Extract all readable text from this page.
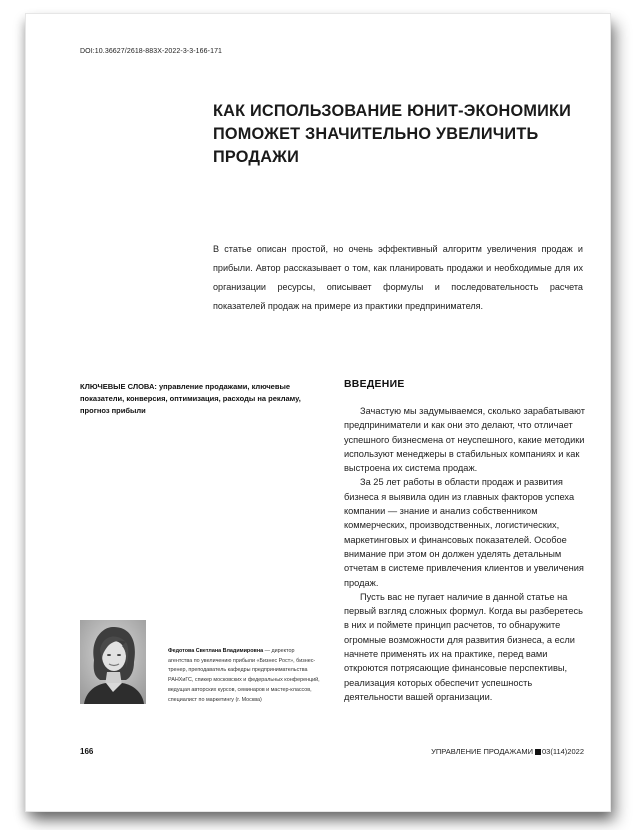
DOI:10.36627/2618-883X-2022-3-3-166-171
КАК ИСПОЛЬЗОВАНИЕ ЮНИТ-ЭКОНОМИКИ ПОМОЖЕТ ЗНАЧИТЕЛЬНО УВЕЛИЧИТЬ ПРОДАЖИ
В статье описан простой, но очень эффективный алгоритм увеличения продаж и прибыли. Автор рассказывает о том, как планировать продажи и необходимые для их организации ресурсы, описывает формулы и последовательность расчета показателей продаж на примере из практики предпринимателя.
КЛЮЧЕВЫЕ СЛОВА: управление продажами, ключевые показатели, конверсия, оптимизация, расходы на рекламу, прогноз прибыли
ВВЕДЕНИЕ

Зачастую мы задумываемся, сколько зарабатывают предприниматели и как они это делают, что отличает успешного бизнесмена от неуспешного, какие методики используют менеджеры в стабильных компаниях и как выстроена их система продаж.

За 25 лет работы в области продаж и развития бизнеса я выявила один из главных факторов успеха компании — знание и анализ собственником коммерческих, производственных, логистических, маркетинговых и финансовых показателей. Особое внимание при этом он должен уделять детальным отчетам в системе привлечения клиентов и увеличения продаж.

Пусть вас не пугает наличие в данной статье на первый взгляд сложных формул. Когда вы разберетесь в них и поймете принцип расчетов, то обнаружите огромные возможности для развития бизнеса, а если начнете применять их на практике, перед вами откроются потрясающие финансовые перспективы, реализация которых обеспечит успешность деятельности вашей организации.

Федотова Светлана Владимировна — директор агентства по увеличению прибыли «Бизнес Рост», бизнес-тренер, преподаватель кафедры предпринимательства РАНХиГС, спикер московских и федеральных конференций, ведущая авторских курсов, семинаров и мастер-классов, специалист по маркетингу (г. Москва)
166	УПРАВЛЕНИЕ ПРОДАЖАМИ 03(114)2022
